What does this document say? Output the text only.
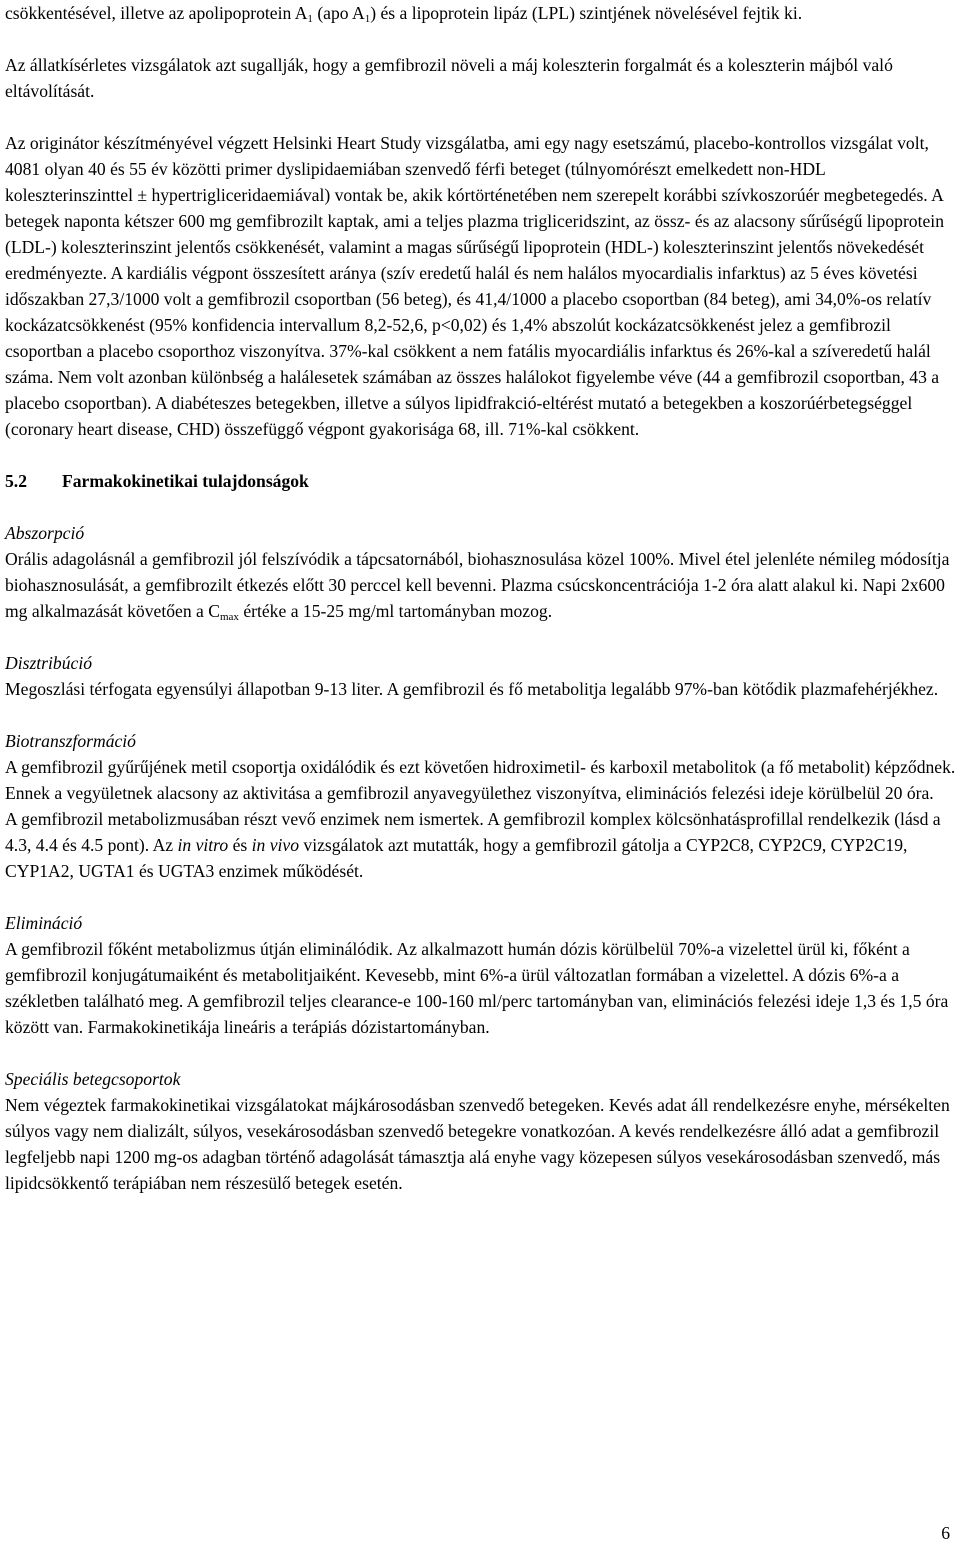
csökkentésével, illetve az apolipoprotein $A_1$ (apo $A_1$) és a lipoprotein lipáz (LPL) szintjének növelésével fejtik ki.

Az állatkísérletes vizsgálatok azt sugallják, hogy a gemfibrozil növeli a máj koleszterin forgalmát és a koleszterin májból való eltávolítását.

Az originátor készítményével végzett Helsinki Heart Study vizsgálatba, ami egy nagy esetszámú, placebo-kontrollos vizsgálat volt, 4081 olyan 40 és 55 év közötti primer dyslipidaemiában szenvedő férfi beteget (túlnyomórészt emelkedett non-HDL koleszterinszinttel ± hypertrigliceridaemiával) vontak be, akik kórtörténetében nem szerepelt korábbi szívkoszorúér megbetegedés. A betegek naponta kétszer 600 mg gemfibrozilt kaptak, ami a teljes plazma trigliceridszint, az össz- és az alacsony sűrűségű lipoprotein (LDL-) koleszterinszint jelentős csökkenését, valamint a magas sűrűségű lipoprotein (HDL-) koleszterinszint jelentős növekedését eredményezte. A kardiális végpont összesített aránya (szív eredetű halál és nem halálos myocardialis infarktus) az 5 éves követési időszakban 27,3/1000 volt a gemfibrozil csoportban (56 beteg), és 41,4/1000 a placebo csoportban (84 beteg), ami 34,0%-os relatív kockázatcsökkenést (95% konfidencia intervallum 8,2-52,6, p<0,02) és 1,4% abszolút kockázatcsökkenést jelez a gemfibrozil csoportban a placebo csoporthoz viszonyítva. 37%-kal csökkent a nem fatális myocardiális infarktus és 26%-kal a szíveredetű halál száma. Nem volt azonban különbség a halálesetek számában az összes halálokot figyelembe véve (44 a gemfibrozil csoportban, 43 a placebo csoportban). A diabéteszes betegekben, illetve a súlyos lipidfrakció-eltérést mutató a betegekben a koszorúérbetegséggel (coronary heart disease, CHD) összefüggő végpont gyakorisága 68, ill. 71%-kal csökkent.

5.2 Farmakokinetikai tulajdonságok

Abszorpció

Orális adagolásnál a gemfibrozil jól felszívódik a tápcsatornából, biohasznosulása közel 100%. Mivel étel jelenléte némileg módosítja biohasznosulását, a gemfibrozilt étkezés előtt 30 perccel kell bevenni. Plazma csúcskoncentrációja 1-2 óra alatt alakul ki. Napi 2x600 mg alkalmazását követően a $C_{max}$ értéke a 15-25 mg/ml tartományban mozog.

Disztribúció

Megoszlási térfogata egyensúlyi állapotban 9-13 liter. A gemfibrozil és fő metabolitja legalább 97%-ban kötődik plazmafehérjékhez.

Biotranszformáció

A gemfibrozil gyűrűjének metil csoportja oxidálódik és ezt követően hidroximetil- és karboxil metabolitok (a fő metabolit) képződnek. Ennek a vegyületnek alacsony az aktivitása a gemfibrozil anyavegyülethez viszonyítva, eliminációs felezési ideje körülbelül 20 óra.

A gemfibrozil metabolizmusában részt vevő enzimek nem ismertek. A gemfibrozil komplex kölcsönhatásprofillal rendelkezik (lásd a 4.3, 4.4 és 4.5 pont). Az in vitro és in vivo vizsgálatok azt mutatták, hogy a gemfibrozil gátolja a CYP2C8, CYP2C9, CYP2C19, CYP1A2, UGTA1 és UGTA3 enzimek működését.

Elimináció

A gemfibrozil főként metabolizmus útján eliminálódik. Az alkalmazott humán dózis körülbelül 70%-a vizelettel ürül ki, főként a gemfibrozil konjugátumaiként és metabolitjaiként. Kevesebb, mint 6%-a ürül változatlan formában a vizelettel. A dózis 6%-a a székletben található meg. A gemfibrozil teljes clearance-e 100-160 ml/perc tartományban van, eliminációs felezési ideje 1,3 és 1,5 óra között van. Farmakokinetikája lineáris a terápiás dózistartományban.

Speciális betegcsoportok

Nem végeztek farmakokinetikai vizsgálatokat májkárosodásban szenvedő betegeken. Kevés adat áll rendelkezésre enyhe, mérsékelten súlyos vagy nem dializált, súlyos, vesekárosodásban szenvedő betegekre vonatkozóan. A kevés rendelkezésre álló adat a gemfibrozil legfeljebb napi 1200 mg-os adagban történő adagolását támasztja alá enyhe vagy közepesen súlyos vesekárosodásban szenvedő, más lipidcsökkentő terápiában nem részesülő betegek esetén.

6
